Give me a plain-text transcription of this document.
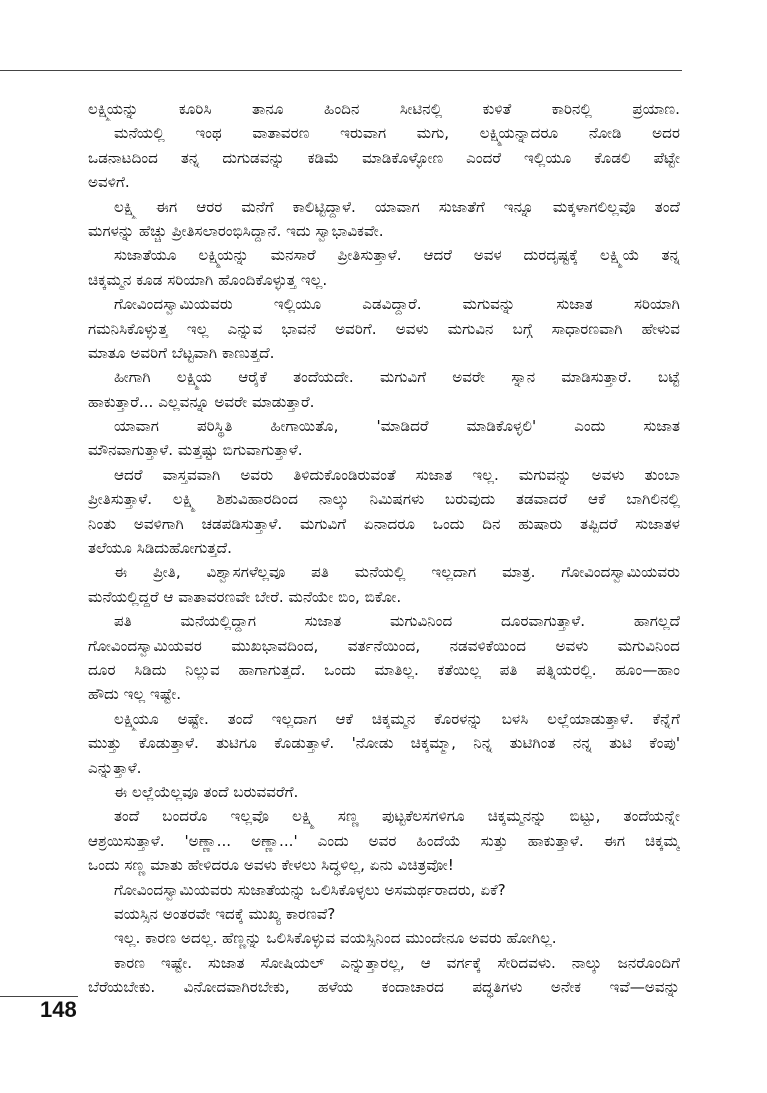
ಲಕ್ಷ್ಮಿಯನ್ನು ಕೂರಿಸಿ ತಾನೂ ಹಿಂದಿನ ಸೀಟಿನಲ್ಲಿ ಕುಳಿತೆ ಕಾರಿನಲ್ಲಿ ಪ್ರಯಾಣ.
ಮನೆಯಲ್ಲಿ ಇಂಥ ವಾತಾವರಣ ಇರುವಾಗ ಮಗು, ಲಕ್ಷ್ಮಿಯನ್ನಾದರೂ ನೋಡಿ ಅದರ
ಒಡನಾಟದಿಂದ ತನ್ನ ದುಗುಡವನ್ನು ಕಡಿಮೆ ಮಾಡಿಕೊಳ್ಳೋಣ ಎಂದರೆ ಇಲ್ಲಿಯೂ ಕೊಡಲಿ ಪೆಟ್ಟೇ
ಅವಳಿಗೆ.
ಲಕ್ಷ್ಮಿ ಈಗ ಆರರ ಮನೆಗೆ ಕಾಲಿಟ್ಟಿದ್ದಾಳೆ. ಯಾವಾಗ ಸುಜಾತೆಗೆ ಇನ್ನೂ ಮಕ್ಕಳಾಗಲಿಲ್ಲವೊ ತಂದೆ
ಮಗಳನ್ನು ಹೆಚ್ಚು ಪ್ರೀತಿಸಲಾರಂಭಿಸಿದ್ದಾನೆ. ಇದು ಸ್ವಾಭಾವಿಕವೇ.
ಸುಜಾತೆಯೂ ಲಕ್ಷ್ಮಿಯನ್ನು ಮನಸಾರೆ ಪ್ರೀತಿಸುತ್ತಾಳೆ. ಆದರೆ ಅವಳ ದುರದೃಷ್ಟಕ್ಕೆ ಲಕ್ಷ್ಮಿಯೆ ತನ್ನ
ಚಿಕ್ಕಮ್ಮನ ಕೂಡ ಸರಿಯಾಗಿ ಹೊಂದಿಕೊಳ್ಳುತ್ತ ಇಲ್ಲ.
ಗೋವಿಂದಸ್ವಾಮಿಯವರು ಇಲ್ಲಿಯೂ ಎಡವಿದ್ದಾರೆ. ಮಗುವನ್ನು ಸುಜಾತ ಸರಿಯಾಗಿ
ಗಮನಿಸಿಕೊಳ್ಳುತ್ತ ಇಲ್ಲ ಎನ್ನುವ ಭಾವನೆ ಅವರಿಗೆ. ಅವಳು ಮಗುವಿನ ಬಗ್ಗೆ ಸಾಧಾರಣವಾಗಿ ಹೇಳುವ
ಮಾತೂ ಅವರಿಗೆ ಬೆಟ್ಟವಾಗಿ ಕಾಣುತ್ತದೆ.
ಹೀಗಾಗಿ ಲಕ್ಷ್ಮಿಯ ಆರೈಕೆ ತಂದೆಯದೇ. ಮಗುವಿಗೆ ಅವರೇ ಸ್ನಾನ ಮಾಡಿಸುತ್ತಾರೆ. ಬಟ್ಟೆ
ಹಾಕುತ್ತಾರೆ... ಎಲ್ಲವನ್ನೂ ಅವರೇ ಮಾಡುತ್ತಾರೆ.
ಯಾವಾಗ ಪರಿಸ್ಥಿತಿ ಹೀಗಾಯಿತೊ, 'ಮಾಡಿದರೆ ಮಾಡಿಕೊಳ್ಳಲಿ' ಎಂದು ಸುಜಾತ
ಮೌನವಾಗುತ್ತಾಳೆ. ಮತ್ತಷ್ಟು ಬಿಗುವಾಗುತ್ತಾಳೆ.
ಆದರೆ ವಾಸ್ತವವಾಗಿ ಅವರು ತಿಳಿದುಕೊಂಡಿರುವಂತೆ ಸುಜಾತ ಇಲ್ಲ. ಮಗುವನ್ನು ಅವಳು ತುಂಬಾ
ಪ್ರೀತಿಸುತ್ತಾಳೆ. ಲಕ್ಷ್ಮಿ ಶಿಶುವಿಹಾರದಿಂದ ನಾಲ್ಕು ನಿಮಿಷಗಳು ಬರುವುದು ತಡವಾದರೆ ಆಕೆ ಬಾಗಿಲಿನಲ್ಲಿ
ನಿಂತು ಅವಳಿಗಾಗಿ ಚಡಪಡಿಸುತ್ತಾಳೆ. ಮಗುವಿಗೆ ಏನಾದರೂ ಒಂದು ದಿನ ಹುಷಾರು ತಪ್ಪಿದರೆ ಸುಜಾತಳ
ತಲೆಯೂ ಸಿಡಿದುಹೋಗುತ್ತದೆ.
ಈ ಪ್ರೀತಿ, ವಿಶ್ವಾಸಗಳೆಲ್ಲವೂ ಪತಿ ಮನೆಯಲ್ಲಿ ಇಲ್ಲದಾಗ ಮಾತ್ರ. ಗೋವಿಂದಸ್ವಾಮಿಯವರು
ಮನೆಯಲ್ಲಿದ್ದರೆ ಆ ವಾತಾವರಣವೇ ಬೇರೆ. ಮನೆಯೇ ಬಿಂ, ಬಿಕೋ.
ಪತಿ ಮನೆಯಲ್ಲಿದ್ದಾಗ ಸುಜಾತ ಮಗುವಿನಿಂದ ದೂರವಾಗುತ್ತಾಳೆ. ಹಾಗಲ್ಲದೆ
ಗೋವಿಂದಸ್ವಾಮಿಯವರ ಮುಖಭಾವದಿಂದ, ವರ್ತನೆಯಿಂದ, ನಡವಳಿಕೆಯಿಂದ ಅವಳು ಮಗುವಿನಿಂದ
ದೂರ ಸಿಡಿದು ನಿಲ್ಲುವ ಹಾಗಾಗುತ್ತದೆ. ಒಂದು ಮಾತಿಲ್ಲ. ಕತೆಯಿಲ್ಲ ಪತಿ ಪತ್ನಿಯರಲ್ಲಿ. ಹೂಂ—ಹಾಂ
ಹೌದು ಇಲ್ಲ ಇಷ್ಟೇ.
ಲಕ್ಷ್ಮಿಯೂ ಅಷ್ಟೇ. ತಂದೆ ಇಲ್ಲದಾಗ ಆಕೆ ಚಿಕ್ಕಮ್ಮನ ಕೊರಳನ್ನು ಬಳಸಿ ಲಲ್ಲೆಯಾಡುತ್ತಾಳೆ. ಕೆನ್ನೆಗೆ
ಮುತ್ತು ಕೊಡುತ್ತಾಳೆ. ತುಟಿಗೂ ಕೊಡುತ್ತಾಳೆ. 'ನೋಡು ಚಿಕ್ಕಮ್ಮಾ, ನಿನ್ನ ತುಟಿಗಿಂತ ನನ್ನ ತುಟಿ ಕೆಂಪು'
ಎನ್ನುತ್ತಾಳೆ.
ಈ ಲಲ್ಲೆಯೆಲ್ಲವೂ ತಂದೆ ಬರುವವರೆಗೆ.
ತಂದೆ ಬಂದರೊ ಇಲ್ಲವೊ ಲಕ್ಷ್ಮಿ ಸಣ್ಣ ಪುಟ್ಟಕೆಲಸಗಳಿಗೂ ಚಿಕ್ಕಮ್ಮನನ್ನು ಬಿಟ್ಟು, ತಂದೆಯನ್ನೇ
ಆಶ್ರಯಿಸುತ್ತಾಳೆ. 'ಅಣ್ಣಾ... ಅಣ್ಣಾ...' ಎಂದು ಅವರ ಹಿಂದೆಯೆ ಸುತ್ತು ಹಾಕುತ್ತಾಳೆ. ಈಗ ಚಿಕ್ಕಮ್ಮ
ಒಂದು ಸಣ್ಣ ಮಾತು ಹೇಳಿದರೂ ಅವಳು ಕೇಳಲು ಸಿದ್ಧಳಿಲ್ಲ, ಏನು ವಿಚಿತ್ರವೋ!
ಗೋವಿಂದಸ್ವಾಮಿಯವರು ಸುಜಾತೆಯನ್ನು ಒಲಿಸಿಕೊಳ್ಳಲು ಅಸಮರ್ಥರಾದರು, ಏಕೆ?
ವಯಸ್ಸಿನ ಅಂತರವೇ ಇದಕ್ಕೆ ಮುಖ್ಯ ಕಾರಣವೆ?
ಇಲ್ಲ. ಕಾರಣ ಅದಲ್ಲ. ಹೆಣ್ಣನ್ನು ಒಲಿಸಿಕೊಳ್ಳುವ ವಯಸ್ಸಿನಿಂದ ಮುಂದೇನೂ ಅವರು ಹೋಗಿಲ್ಲ.
ಕಾರಣ ಇಷ್ಟೇ. ಸುಜಾತ ಸೋಷಿಯಲ್ ಎನ್ನುತ್ತಾರಲ್ಲ, ಆ ವರ್ಗಕ್ಕೆ ಸೇರಿದವಳು. ನಾಲ್ಕು ಜನರೊಂದಿಗೆ
ಬೆರೆಯಬೇಕು. ವಿನೋದವಾಗಿರಬೇಕು, ಹಳೆಯ ಕಂದಾಚಾರದ ಪದ್ಧತಿಗಳು ಅನೇಕ ಇವೆ—ಅವನ್ನು
148
